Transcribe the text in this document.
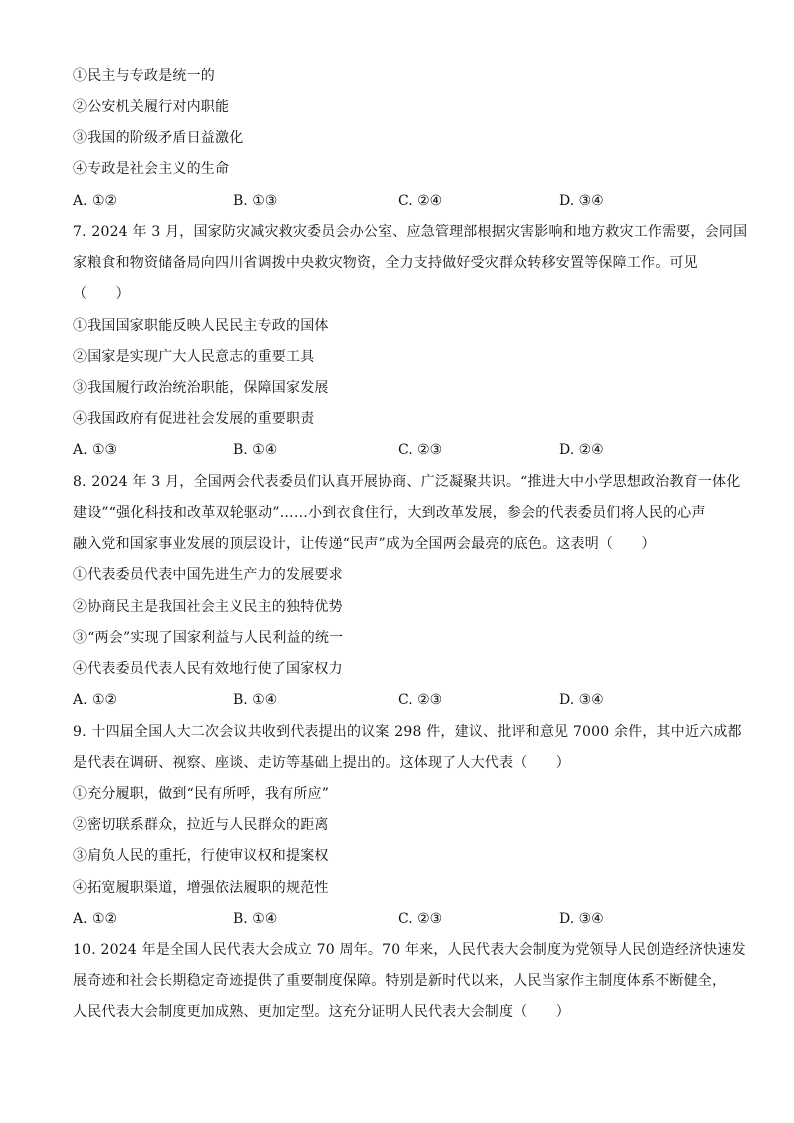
①民主与专政是统一的
②公安机关履行对内职能
③我国的阶级矛盾日益激化
④专政是社会主义的生命
A. ①②	B. ①③	C. ②④	D. ③④
7. 2024 年 3 月，国家防灾减灾救灾委员会办公室、应急管理部根据灾害影响和地方救灾工作需要，会同国
家粮食和物资储备局向四川省调拨中央救灾物资，全力支持做好受灾群众转移安置等保障工作。可见
（　　）
①我国国家职能反映人民民主专政的国体
②国家是实现广大人民意志的重要工具
③我国履行政治统治职能，保障国家发展
④我国政府有促进社会发展的重要职责
A. ①③	B. ①④	C. ②③	D. ②④
8. 2024 年 3 月，全国两会代表委员们认真开展协商、广泛凝聚共识。“推进大中小学思想政治教育一体化
建设”“强化科技和改革双轮驱动”……小到衣食住行，大到改革发展，参会的代表委员们将人民的心声
融入党和国家事业发展的顶层设计，让传递“民声”成为全国两会最亮的底色。这表明（　　）
①代表委员代表中国先进生产力的发展要求
②协商民主是我国社会主义民主的独特优势
③“两会”实现了国家利益与人民利益的统一
④代表委员代表人民有效地行使了国家权力
A. ①②	B. ①④	C. ②③	D. ③④
9. 十四届全国人大二次会议共收到代表提出的议案 298 件，建议、批评和意见 7000 余件，其中近六成都
是代表在调研、视察、座谈、走访等基础上提出的。这体现了人大代表（　　）
①充分履职，做到“民有所呼，我有所应”
②密切联系群众，拉近与人民群众的距离
③肩负人民的重托，行使审议权和提案权
④拓宽履职渠道，增强依法履职的规范性
A. ①②	B. ①④	C. ②③	D. ③④
10. 2024 年是全国人民代表大会成立 70 周年。70 年来，人民代表大会制度为党领导人民创造经济快速发
展奇迹和社会长期稳定奇迹提供了重要制度保障。特别是新时代以来，人民当家作主制度体系不断健全，
人民代表大会制度更加成熟、更加定型。这充分证明人民代表大会制度（　　）
